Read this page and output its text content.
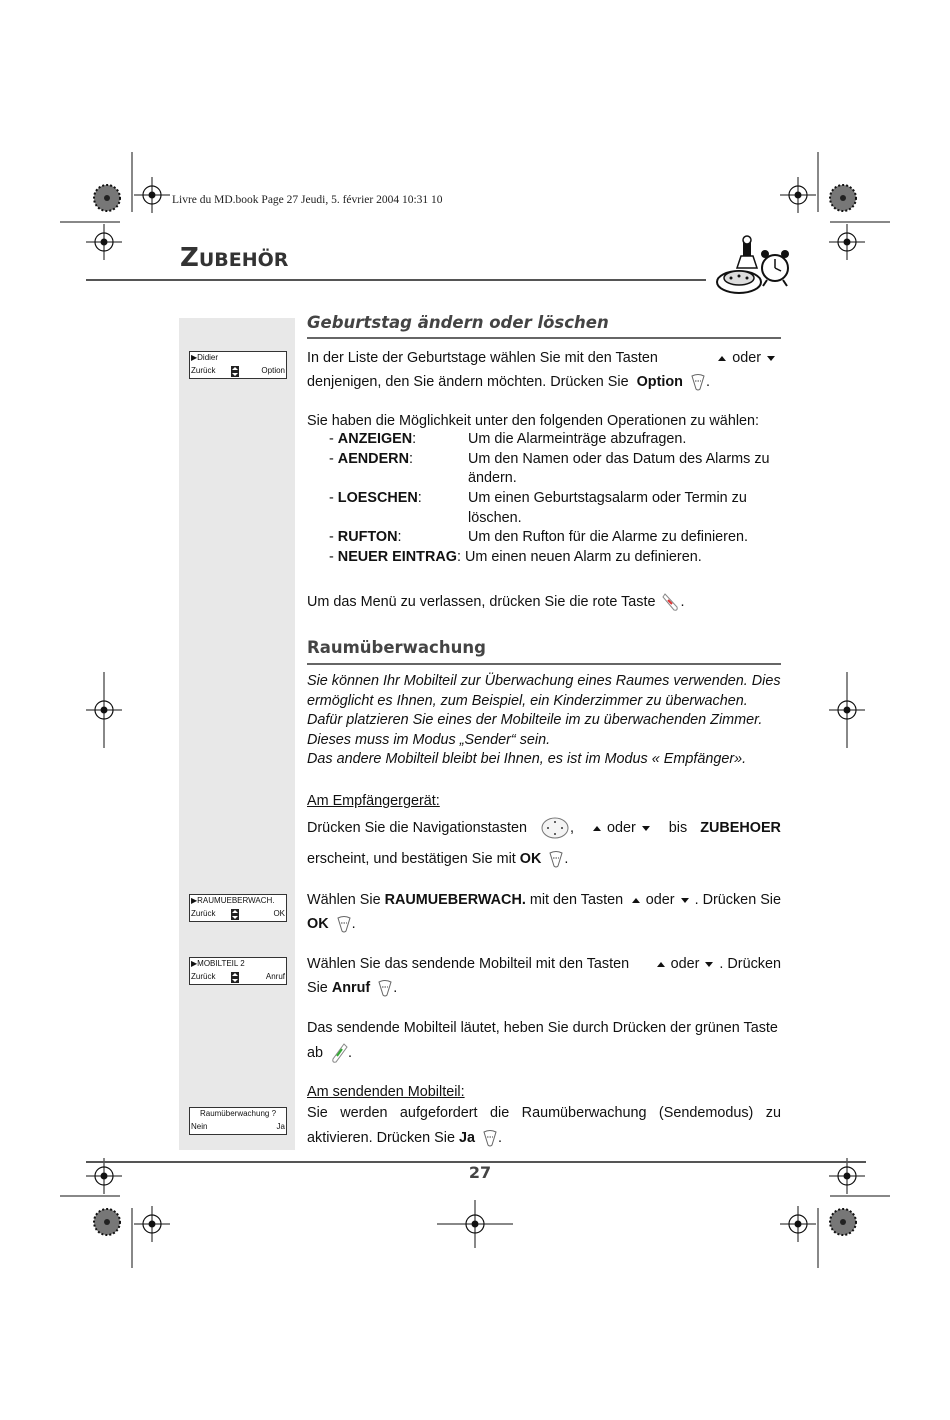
Livre du MD.book Page 27 Jeudi, 5. février 2004 10:31 10
ZUBEHÖR
▶Didier
Zurück	Option
▶RAUMUEBERWACH.
Zurück	OK
▶MOBILTEIL 2
Zurück	Anruf
Raumüberwachung ?
Nein	Ja
Geburtstag ändern oder löschen
In der Liste der Geburtstage wählen Sie mit den Tasten	oder
denjenigen, den Sie ändern möchten. Drücken Sie Option .
Sie haben die Möglichkeit unter den folgenden Operationen zu wählen:
- ANZEIGEN:	Um die Alarmeinträge abzufragen.
- AENDERN:	Um den Namen oder das Datum des Alarms zu
ändern.
- LOESCHEN:	Um einen Geburtstagsalarm oder Termin zu
löschen.
- RUFTON:	Um den Rufton für die Alarme zu definieren.
- NEUER EINTRAG: Um einen neuen Alarm zu definieren.
Um das Menü zu verlassen, drücken Sie die rote Taste .
Raumüberwachung
Sie können Ihr Mobilteil zur Überwachung eines Raumes verwenden. Dies
ermöglicht es Ihnen, zum Beispiel, ein Kinderzimmer zu überwachen.
Dafür platzieren Sie eines der Mobilteile im zu überwachenden Zimmer.
Dieses muss im Modus „Sender“ sein.
Das andere Mobilteil bleibt bei Ihnen, es ist im Modus « Empfänger».
Am Empfängergerät:
Drücken Sie die Navigationstasten	,	oder	bis ZUBEHOER
erscheint, und bestätigen Sie mit OK .
Wählen Sie RAUMUEBERWACH. mit den Tasten	oder . Drücken Sie
OK .
Wählen Sie das sendende Mobilteil mit den Tasten	oder . Drücken
Sie Anruf .
Das sendende Mobilteil läutet, heben Sie durch Drücken der grünen Taste
ab .
Am sendenden Mobilteil:
Sie werden aufgefordert die Raumüberwachung (Sendemodus) zu
aktivieren. Drücken Sie Ja .
27
